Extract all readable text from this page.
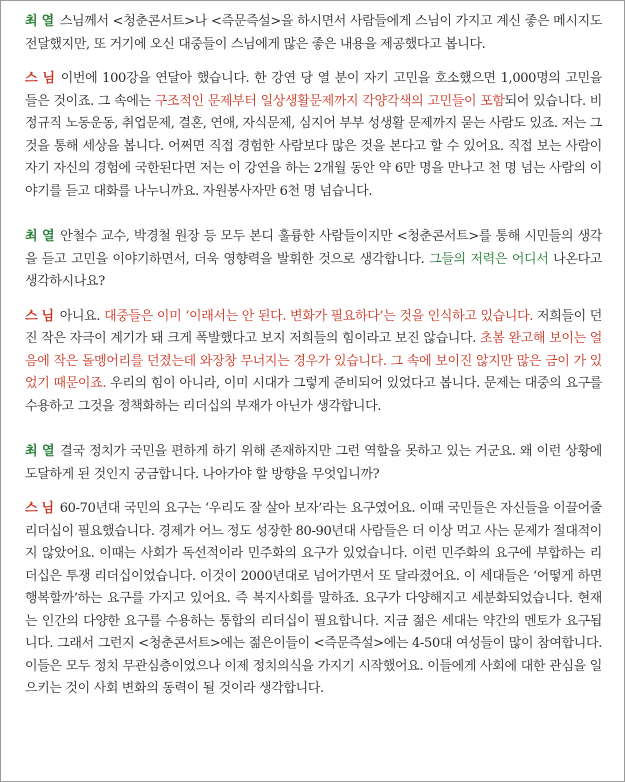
최 열 스님께서 <청춘콘서트>나 <즉문즉설>을 하시면서 사람들에게 스님이 가지고 계신 좋은 메시지도 전달했지만, 또 거기에 오신 대중들이 스님에게 많은 좋은 내용을 제공했다고 봅니다.

스 님 이번에 100강을 연달아 했습니다. 한 강연 당 열 분이 자기 고민을 호소했으면 1,000명의 고민을 들은 것이죠. 그 속에는 구조적인 문제부터 일상생활문제까지 각양각색의 고민들이 포함되어 있습니다. 비정규직 노동운동, 취업문제, 결혼, 연애, 자식문제, 심지어 부부 성생활 문제까지 묻는 사람도 있죠. 저는 그것을 통해 세상을 봅니다. 어쩌면 직접 경험한 사람보다 많은 것을 본다고 할 수 있어요. 직접 보는 사람이 자기 자신의 경험에 국한된다면 저는 이 강연을 하는 2개월 동안 약 6만 명을 만나고 천 명 넘는 사람의 이야기를 듣고 대화를 나누니까요. 자원봉사자만 6천 명 넘습니다.

최 열 안철수 교수, 박경철 원장 등 모두 본디 훌륭한 사람들이지만 <청춘콘서트>를 통해 시민들의 생각을 듣고 고민을 이야기하면서, 더욱 영향력을 발휘한 것으로 생각합니다. 그들의 저력은 어디서 나온다고 생각하시나요?

스 님 아니요. 대중들은 이미 ‘이래서는 안 된다. 변화가 필요하다’는 것을 인식하고 있습니다. 저희들이 던진 작은 자극이 계기가 돼 크게 폭발했다고 보지 저희들의 힘이라고 보진 않습니다. 초봄 완고해 보이는 얼음에 작은 돌멩어리를 던졌는데 와장창 무너지는 경우가 있습니다. 그 속에 보이진 않지만 많은 금이 가 있었기 때문이죠. 우리의 힘이 아니라, 이미 시대가 그렇게 준비되어 있었다고 봅니다. 문제는 대중의 요구를 수용하고 그것을 정책화하는 리더십의 부재가 아닌가 생각합니다.

최 열 결국 정치가 국민을 편하게 하기 위해 존재하지만 그런 역할을 못하고 있는 거군요. 왜 이런 상황에 도달하게 된 것인지 궁금합니다. 나아가야 할 방향을 무엇입니까?

스 님 60-70년대 국민의 요구는 ‘우리도 잘 살아 보자’라는 요구였어요. 이때 국민들은 자신들을 이끌어줄 리더십이 필요했습니다. 경제가 어느 정도 성장한 80-90년대 사람들은 더 이상 먹고 사는 문제가 절대적이지 않았어요. 이때는 사회가 독선적이라 민주화의 요구가 있었습니다. 이런 민주화의 요구에 부합하는 리더십은 투쟁 리더십이었습니다. 이것이 2000년대로 넘어가면서 또 달라졌어요. 이 세대들은 ‘어떻게 하면 행복할까’하는 요구를 가지고 있어요. 즉 복지사회를 말하죠. 요구가 다양해지고 세분화되었습니다. 현재는 인간의 다양한 요구를 수용하는 통합의 리더십이 필요합니다. 지금 젊은 세대는 약간의 멘토가 요구됩니다. 그래서 그런지 <청춘콘서트>에는 젊은이들이 <즉문즉설>에는 4-50대 여성들이 많이 참여합니다. 이들은 모두 정치 무관심층이었으나 이제 정치의식을 가지기 시작했어요. 이들에게 사회에 대한 관심을 일으키는 것이 사회 변화의 동력이 될 것이라 생각합니다.
